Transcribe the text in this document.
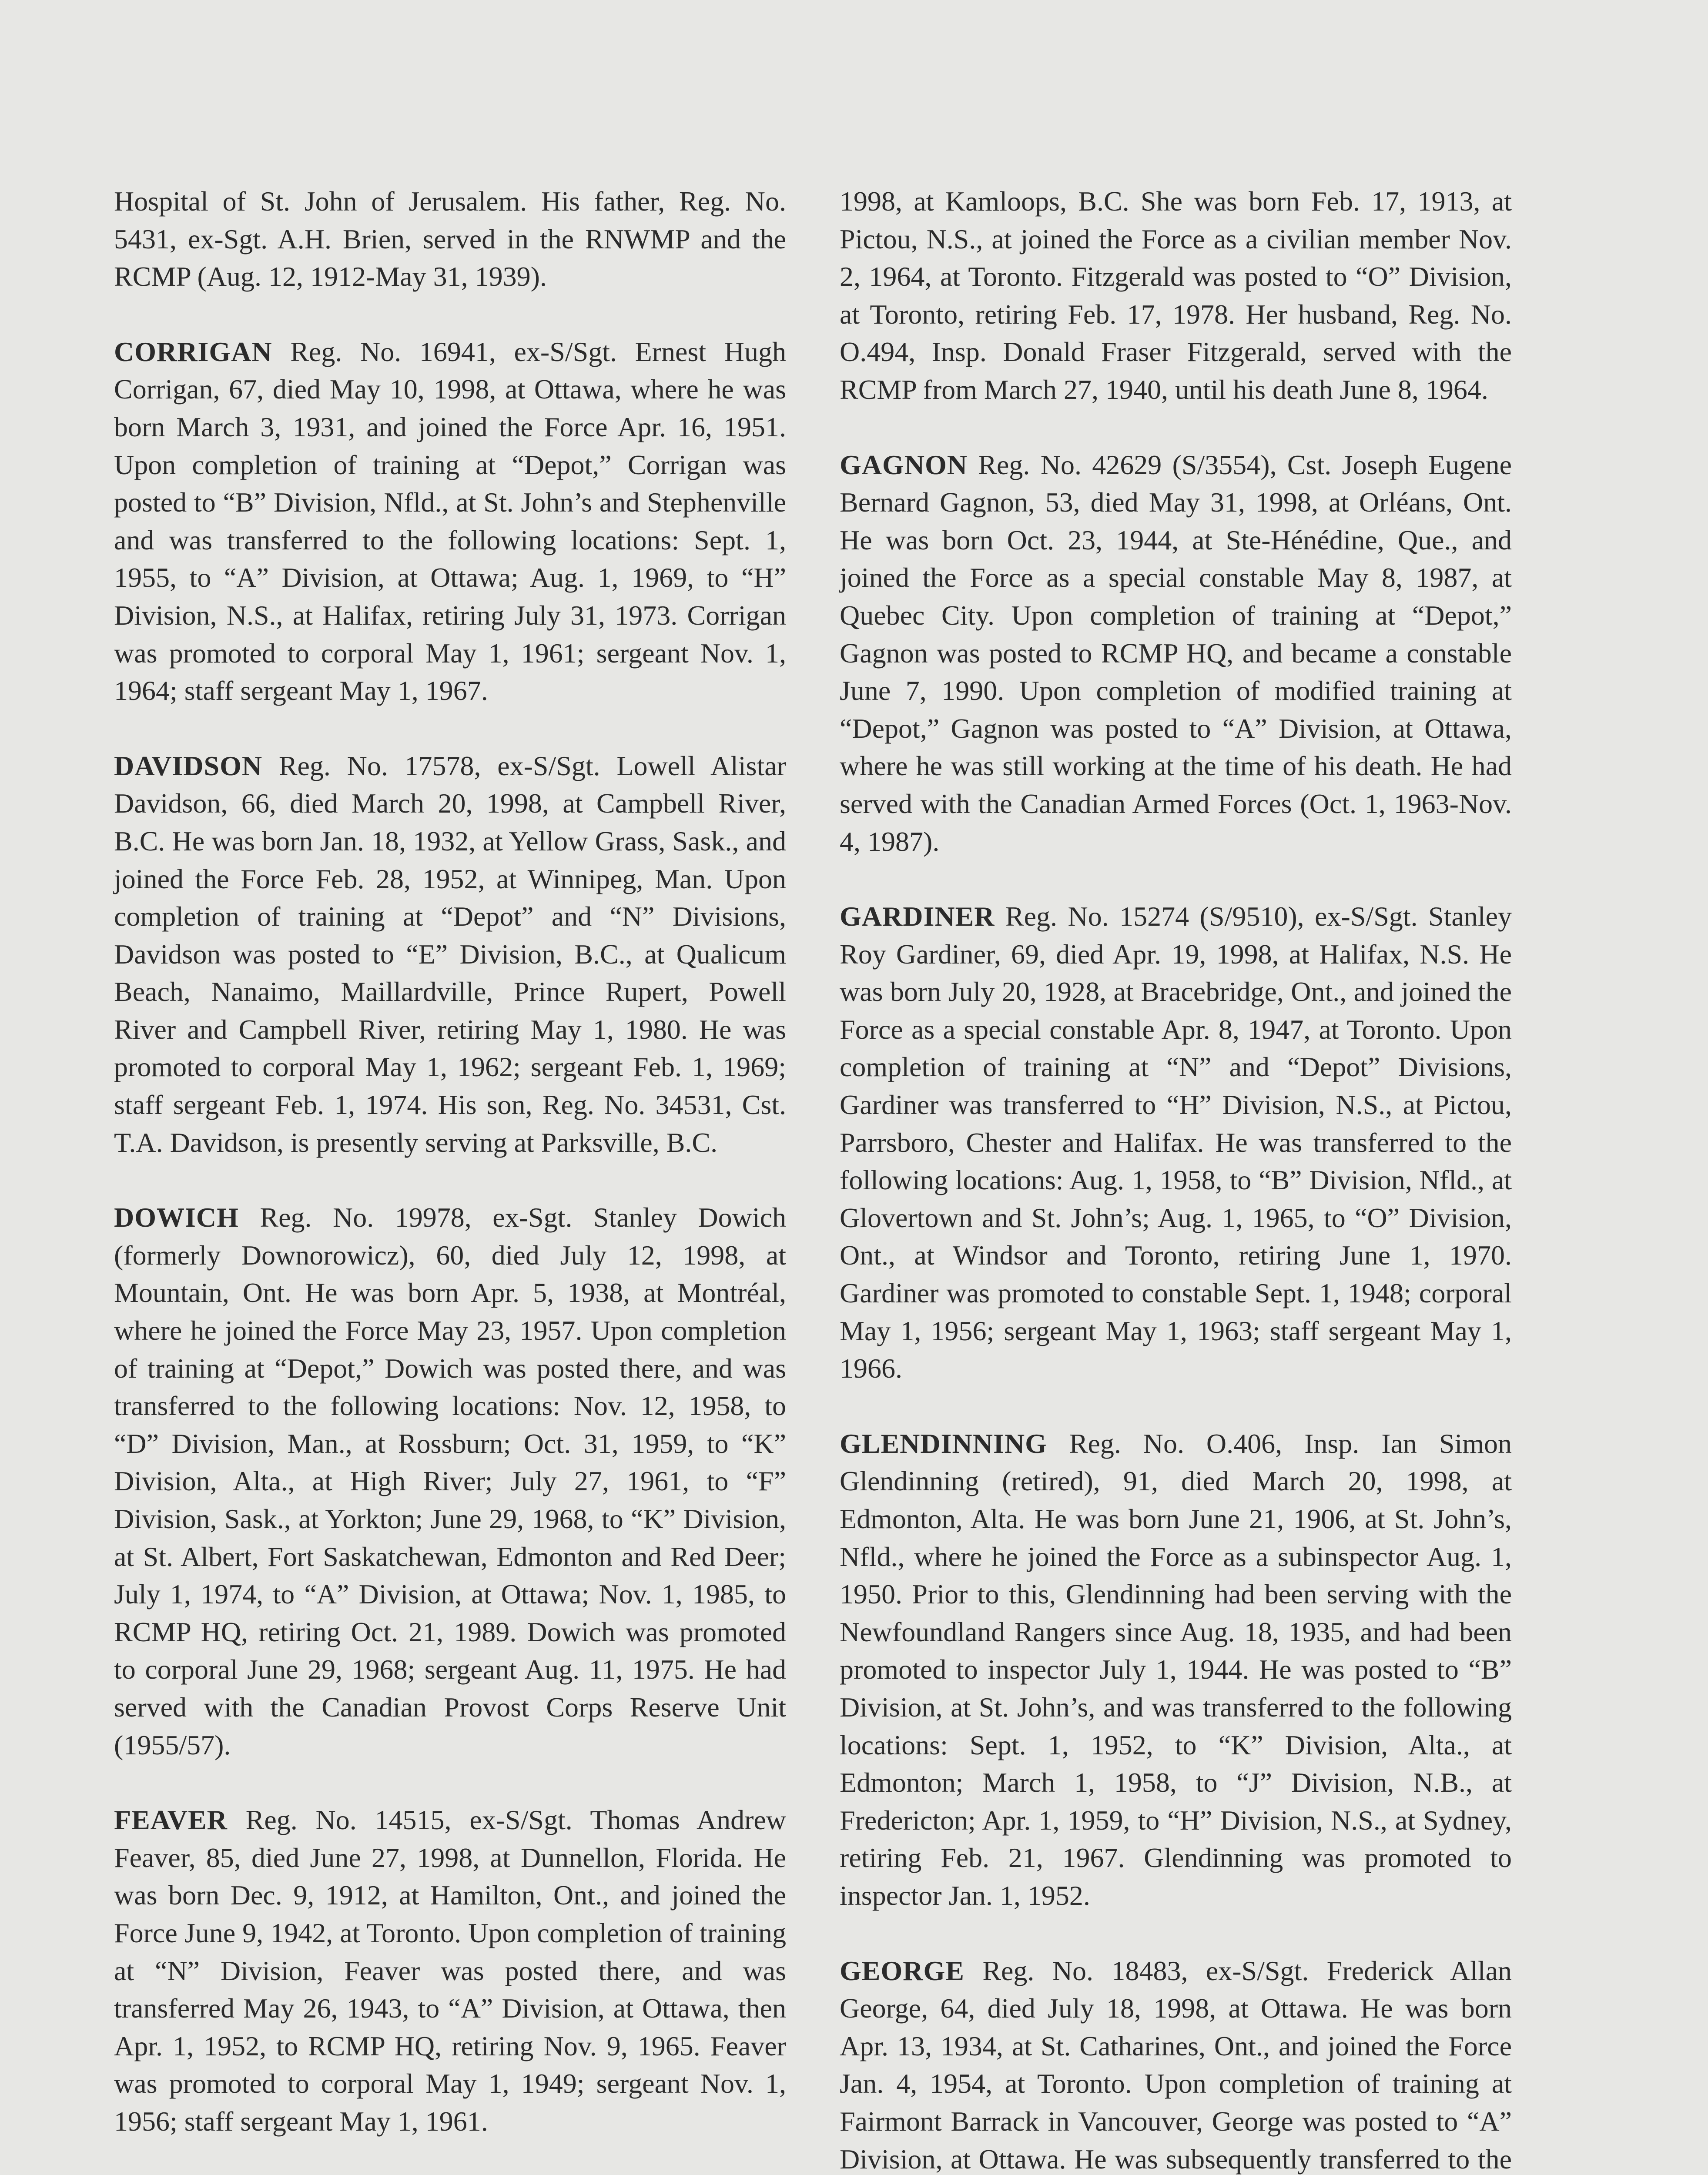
Hospital of St. John of Jerusalem. His father, Reg. No. 5431, ex-Sgt. A.H. Brien, served in the RNWMP and the RCMP (Aug. 12, 1912-May 31, 1939).

CORRIGAN Reg. No. 16941, ex-S/Sgt. Ernest Hugh Corrigan, 67, died May 10, 1998, at Ottawa, where he was born March 3, 1931, and joined the Force Apr. 16, 1951. Upon completion of training at “Depot,” Corrigan was posted to “B” Division, Nfld., at St. John’s and Stephenville and was transferred to the following locations: Sept. 1, 1955, to “A” Division, at Ottawa; Aug. 1, 1969, to “H” Division, N.S., at Halifax, retiring July 31, 1973. Corrigan was promoted to corporal May 1, 1961; sergeant Nov. 1, 1964; staff sergeant May 1, 1967.

DAVIDSON Reg. No. 17578, ex-S/Sgt. Lowell Alistar Davidson, 66, died March 20, 1998, at Campbell River, B.C. He was born Jan. 18, 1932, at Yellow Grass, Sask., and joined the Force Feb. 28, 1952, at Winnipeg, Man. Upon completion of training at “Depot” and “N” Divisions, Davidson was posted to “E” Division, B.C., at Qualicum Beach, Nanaimo, Maillardville, Prince Rupert, Powell River and Campbell River, retiring May 1, 1980. He was promoted to corporal May 1, 1962; sergeant Feb. 1, 1969; staff sergeant Feb. 1, 1974. His son, Reg. No. 34531, Cst. T.A. Davidson, is presently serving at Parksville, B.C.

DOWICH Reg. No. 19978, ex-Sgt. Stanley Dowich (formerly Downorowicz), 60, died July 12, 1998, at Mountain, Ont. He was born Apr. 5, 1938, at Montréal, where he joined the Force May 23, 1957. Upon completion of training at “Depot,” Dowich was posted there, and was transferred to the following locations: Nov. 12, 1958, to “D” Division, Man., at Rossburn; Oct. 31, 1959, to “K” Division, Alta., at High River; July 27, 1961, to “F” Division, Sask., at Yorkton; June 29, 1968, to “K” Division, at St. Albert, Fort Saskatchewan, Edmonton and Red Deer; July 1, 1974, to “A” Division, at Ottawa; Nov. 1, 1985, to RCMP HQ, retiring Oct. 21, 1989. Dowich was promoted to corporal June 29, 1968; sergeant Aug. 11, 1975. He had served with the Canadian Provost Corps Reserve Unit (1955/57).

FEAVER Reg. No. 14515, ex-S/Sgt. Thomas Andrew Feaver, 85, died June 27, 1998, at Dunnellon, Florida. He was born Dec. 9, 1912, at Hamilton, Ont., and joined the Force June 9, 1942, at Toronto. Upon completion of training at “N” Division, Feaver was posted there, and was transferred May 26, 1943, to “A” Division, at Ottawa, then Apr. 1, 1952, to RCMP HQ, retiring Nov. 9, 1965. Feaver was promoted to corporal May 1, 1949; sergeant Nov. 1, 1956; staff sergeant May 1, 1961.

1998, at Kamloops, B.C. She was born Feb. 17, 1913, at Pictou, N.S., at joined the Force as a civilian member Nov. 2, 1964, at Toronto. Fitzgerald was posted to “O” Division, at Toronto, retiring Feb. 17, 1978. Her husband, Reg. No. O.494, Insp. Donald Fraser Fitzgerald, served with the RCMP from March 27, 1940, until his death June 8, 1964.

GAGNON Reg. No. 42629 (S/3554), Cst. Joseph Eugene Bernard Gagnon, 53, died May 31, 1998, at Orléans, Ont. He was born Oct. 23, 1944, at Ste-Hénédine, Que., and joined the Force as a special constable May 8, 1987, at Quebec City. Upon completion of training at “Depot,” Gagnon was posted to RCMP HQ, and became a constable June 7, 1990. Upon completion of modified training at “Depot,” Gagnon was posted to “A” Division, at Ottawa, where he was still working at the time of his death. He had served with the Canadian Armed Forces (Oct. 1, 1963-Nov. 4, 1987).

GARDINER Reg. No. 15274 (S/9510), ex-S/Sgt. Stanley Roy Gardiner, 69, died Apr. 19, 1998, at Halifax, N.S. He was born July 20, 1928, at Bracebridge, Ont., and joined the Force as a special constable Apr. 8, 1947, at Toronto. Upon completion of training at “N” and “Depot” Divisions, Gardiner was transferred to “H” Division, N.S., at Pictou, Parrsboro, Chester and Halifax. He was transferred to the following locations: Aug. 1, 1958, to “B” Division, Nfld., at Glovertown and St. John’s; Aug. 1, 1965, to “O” Division, Ont., at Windsor and Toronto, retiring June 1, 1970. Gardiner was promoted to constable Sept. 1, 1948; corporal May 1, 1956; sergeant May 1, 1963; staff sergeant May 1, 1966.

GLENDINNING Reg. No. O.406, Insp. Ian Simon Glendinning (retired), 91, died March 20, 1998, at Edmonton, Alta. He was born June 21, 1906, at St. John’s, Nfld., where he joined the Force as a subinspector Aug. 1, 1950. Prior to this, Glendinning had been serving with the Newfoundland Rangers since Aug. 18, 1935, and had been promoted to inspector July 1, 1944. He was posted to “B” Division, at St. John’s, and was transferred to the following locations: Sept. 1, 1952, to “K” Division, Alta., at Edmonton; March 1, 1958, to “J” Division, N.B., at Fredericton; Apr. 1, 1959, to “H” Division, N.S., at Sydney, retiring Feb. 21, 1967. Glendinning was promoted to inspector Jan. 1, 1952.

GEORGE Reg. No. 18483, ex-S/Sgt. Frederick Allan George, 64, died July 18, 1998, at Ottawa. He was born Apr. 13, 1934, at St. Catharines, Ont., and joined the Force Jan. 4, 1954, at Toronto. Upon completion of training at Fairmont Barrack in Vancouver, George was posted to “A” Division, at Ottawa. He was subsequently transferred to the
